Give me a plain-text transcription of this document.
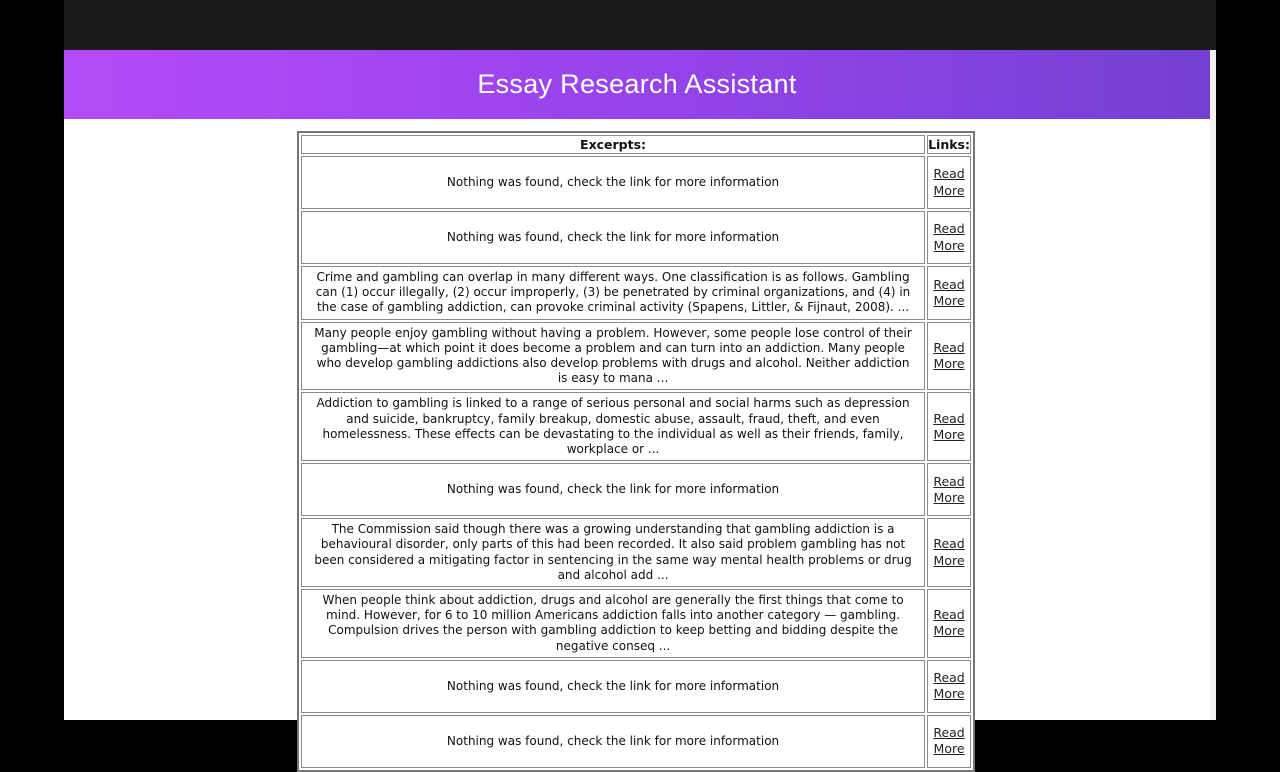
Essay Research Assistant
Excerpts:	Links:
Nothing was found, check the link for more information	Read
More
Nothing was found, check the link for more information	Read
More
Crime and gambling can overlap in many different ways. One classification is as follows. Gambling can (1) occur illegally, (2) occur improperly, (3) be penetrated by criminal organizations, and (4) in the case of gambling addiction, can provoke criminal activity (Spapens, Littler, & Fijnaut, 2008). ...	Read
More
Many people enjoy gambling without having a problem. However, some people lose control of their gambling—at which point it does become a problem and can turn into an addiction. Many people who develop gambling addictions also develop problems with drugs and alcohol. Neither addiction is easy to mana ...	Read
More
Addiction to gambling is linked to a range of serious personal and social harms such as depression and suicide, bankruptcy, family breakup, domestic abuse, assault, fraud, theft, and even homelessness. These effects can be devastating to the individual as well as their friends, family, workplace or ...	Read
More
Nothing was found, check the link for more information	Read
More
The Commission said though there was a growing understanding that gambling addiction is a behavioural disorder, only parts of this had been recorded. It also said problem gambling has not been considered a mitigating factor in sentencing in the same way mental health problems or drug and alcohol add ...	Read
More
When people think about addiction, drugs and alcohol are generally the first things that come to mind. However, for 6 to 10 million Americans addiction falls into another category — gambling. Compulsion drives the person with gambling addiction to keep betting and bidding despite the negative conseq ...	Read
More
Nothing was found, check the link for more information	Read
More
Nothing was found, check the link for more information	Read
More
